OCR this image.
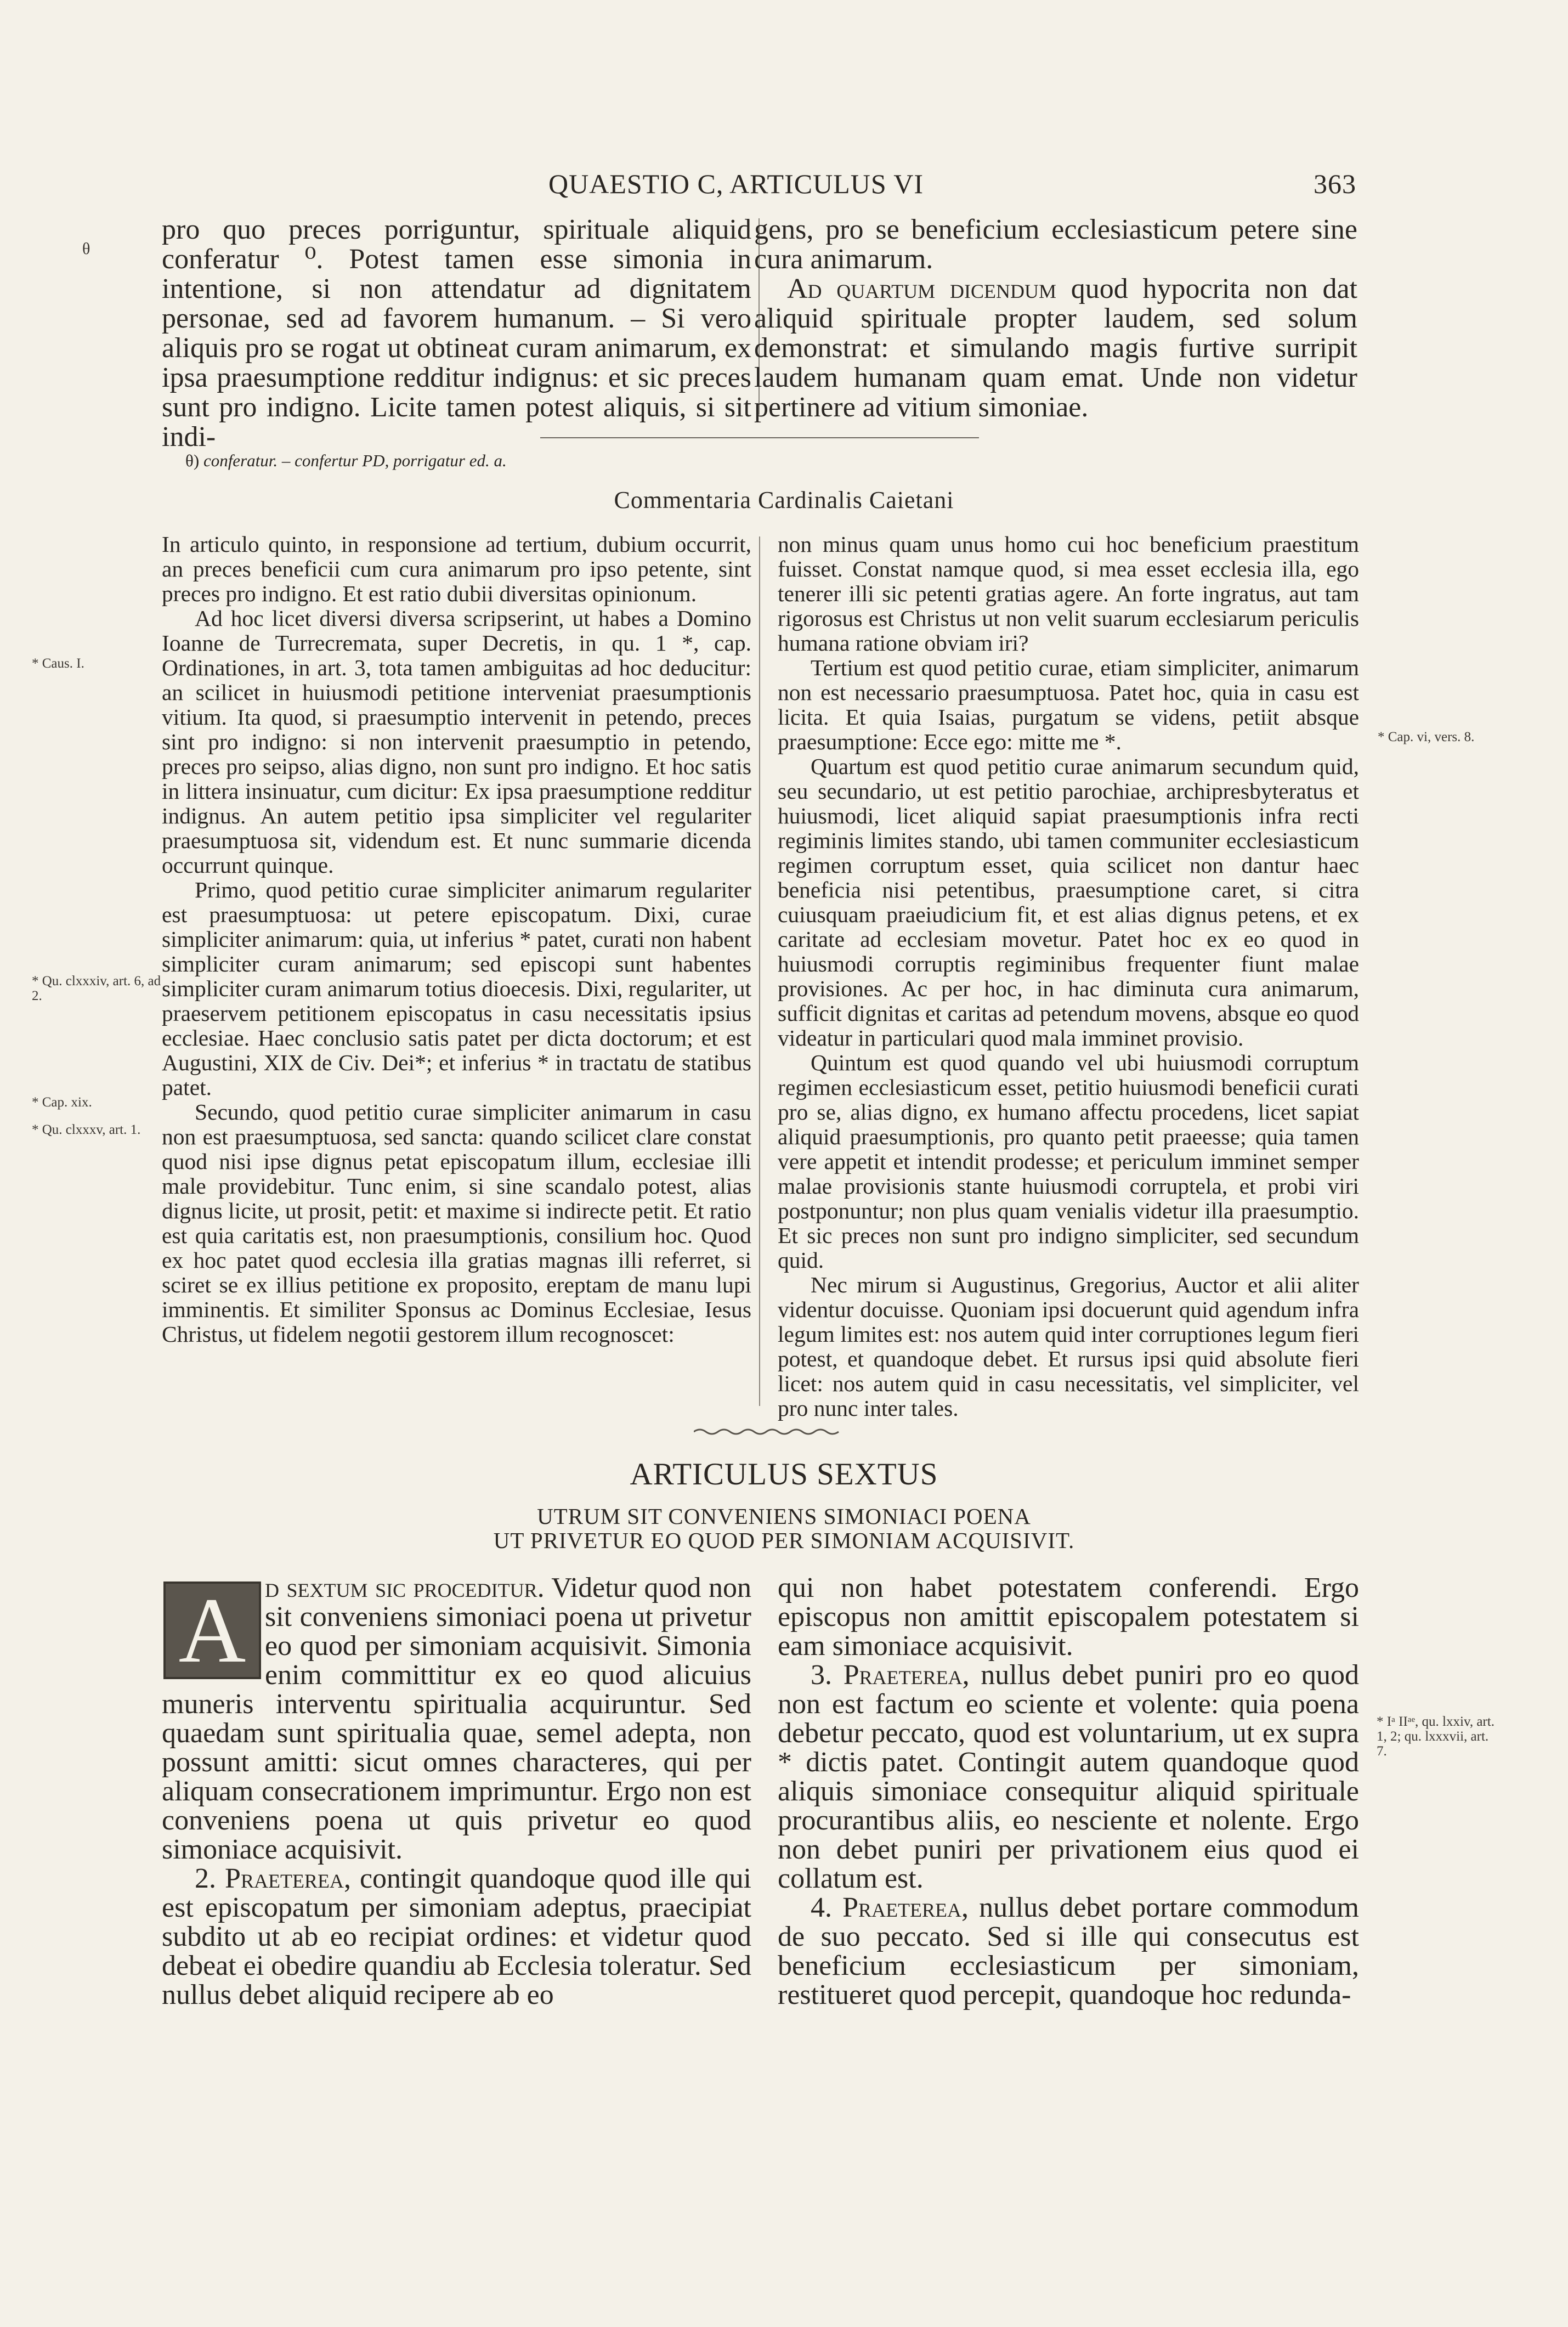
QUAESTIO C, ARTICULUS VI	363
θ
* Caus. I.
* Qu. clxxxiv, art. 6, ad 2.
* Cap. xix.
* Qu. clxxxv, art. 1.
* Cap. vi, vers. 8.
* Iᵃ IIᵃᵉ, qu. lxxiv, art. 1, 2; qu. lxxxvii, art. 7.

pro quo preces porriguntur, spirituale aliquid conferatur ⁰. Potest tamen esse simonia in intentione, si non attendatur ad dignitatem personae, sed ad favorem humanum. – Si vero aliquis pro se rogat ut obtineat curam animarum, ex ipsa praesumptione redditur indignus: et sic preces sunt pro indigno. Licite tamen potest aliquis, si sit indi-

gens, pro se beneficium ecclesiasticum petere sine cura animarum.

Ad quartum dicendum quod hypocrita non dat aliquid spirituale propter laudem, sed solum demonstrat: et simulando magis furtive surripit laudem humanam quam emat. Unde non videtur pertinere ad vitium simoniae.

θ) conferatur. – confertur PD, porrigatur ed. a.
Commentaria Cardinalis Caietani

In articulo quinto, in responsione ad tertium, dubium occurrit, an preces beneficii cum cura animarum pro ipso petente, sint preces pro indigno. Et est ratio dubii diversitas opinionum.

Ad hoc licet diversi diversa scripserint, ut habes a Domino Ioanne de Turrecremata, super Decretis, in qu. 1 *, cap. Ordinationes, in art. 3, tota tamen ambiguitas ad hoc deducitur: an scilicet in huiusmodi petitione interveniat praesumptionis vitium. Ita quod, si praesumptio intervenit in petendo, preces sint pro indigno: si non intervenit praesumptio in petendo, preces pro seipso, alias digno, non sunt pro indigno. Et hoc satis in littera insinuatur, cum dicitur: Ex ipsa praesumptione redditur indignus. An autem petitio ipsa simpliciter vel regulariter praesumptuosa sit, videndum est. Et nunc summarie dicenda occurrunt quinque.

Primo, quod petitio curae simpliciter animarum regulariter est praesumptuosa: ut petere episcopatum. Dixi, curae simpliciter animarum: quia, ut inferius * patet, curati non habent simpliciter curam animarum; sed episcopi sunt habentes simpliciter curam animarum totius dioecesis. Dixi, regulariter, ut praeservem petitionem episcopatus in casu necessitatis ipsius ecclesiae. Haec conclusio satis patet per dicta doctorum; et est Augustini, XIX de Civ. Dei*; et inferius * in tractatu de statibus patet.

Secundo, quod petitio curae simpliciter animarum in casu non est praesumptuosa, sed sancta: quando scilicet clare constat quod nisi ipse dignus petat episcopatum illum, ecclesiae illi male providebitur. Tunc enim, si sine scandalo potest, alias dignus licite, ut prosit, petit: et maxime si indirecte petit. Et ratio est quia caritatis est, non praesumptionis, consilium hoc. Quod ex hoc patet quod ecclesia illa gratias magnas illi referret, si sciret se ex illius petitione ex proposito, ereptam de manu lupi imminentis. Et similiter Sponsus ac Dominus Ecclesiae, Iesus Christus, ut fidelem negotii gestorem illum recognoscet:

non minus quam unus homo cui hoc beneficium praestitum fuisset. Constat namque quod, si mea esset ecclesia illa, ego tenerer illi sic petenti gratias agere. An forte ingratus, aut tam rigorosus est Christus ut non velit suarum ecclesiarum periculis humana ratione obviam iri?

Tertium est quod petitio curae, etiam simpliciter, animarum non est necessario praesumptuosa. Patet hoc, quia in casu est licita. Et quia Isaias, purgatum se videns, petiit absque praesumptione: Ecce ego: mitte me *.

Quartum est quod petitio curae animarum secundum quid, seu secundario, ut est petitio parochiae, archipresbyteratus et huiusmodi, licet aliquid sapiat praesumptionis infra recti regiminis limites stando, ubi tamen communiter ecclesiasticum regimen corruptum esset, quia scilicet non dantur haec beneficia nisi petentibus, praesumptione caret, si citra cuiusquam praeiudicium fit, et est alias dignus petens, et ex caritate ad ecclesiam movetur. Patet hoc ex eo quod in huiusmodi corruptis regiminibus frequenter fiunt malae provisiones. Ac per hoc, in hac diminuta cura animarum, sufficit dignitas et caritas ad petendum movens, absque eo quod videatur in particulari quod mala imminet provisio.

Quintum est quod quando vel ubi huiusmodi corruptum regimen ecclesiasticum esset, petitio huiusmodi beneficii curati pro se, alias digno, ex humano affectu procedens, licet sapiat aliquid praesumptionis, pro quanto petit praeesse; quia tamen vere appetit et intendit prodesse; et periculum imminet semper malae provisionis stante huiusmodi corruptela, et probi viri postponuntur; non plus quam venialis videtur illa praesumptio. Et sic preces non sunt pro indigno simpliciter, sed secundum quid.

Nec mirum si Augustinus, Gregorius, Auctor et alii aliter videntur docuisse. Quoniam ipsi docuerunt quid agendum infra legum limites est: nos autem quid inter corruptiones legum fieri potest, et quandoque debet. Et rursus ipsi quid absolute fieri licet: nos autem quid in casu necessitatis, vel simpliciter, vel pro nunc inter tales.

ARTICULUS SEXTUS
UTRUM SIT CONVENIENS SIMONIACI POENA
UT PRIVETUR EO QUOD PER SIMONIAM ACQUISIVIT.
A d sextum sic proceditur. Videtur quod non sit conveniens simoniaci poena ut privetur eo quod per simoniam acquisivit. Simonia enim committitur ex eo quod alicuius muneris interventu spiritualia acquiruntur. Sed quaedam sunt spiritualia quae, semel adepta, non possunt amitti: sicut omnes characteres, qui per aliquam consecrationem imprimuntur. Ergo non est conveniens poena ut quis privetur eo quod simoniace acquisivit.

2. Praeterea, contingit quandoque quod ille qui est episcopatum per simoniam adeptus, praecipiat subdito ut ab eo recipiat ordines: et videtur quod debeat ei obedire quandiu ab Ecclesia toleratur. Sed nullus debet aliquid recipere ab eo

qui non habet potestatem conferendi. Ergo episcopus non amittit episcopalem potestatem si eam simoniace acquisivit.

3. Praeterea, nullus debet puniri pro eo quod non est factum eo sciente et volente: quia poena debetur peccato, quod est voluntarium, ut ex supra * dictis patet. Contingit autem quandoque quod aliquis simoniace consequitur aliquid spirituale procurantibus aliis, eo nesciente et nolente. Ergo non debet puniri per privationem eius quod ei collatum est.

4. Praeterea, nullus debet portare commodum de suo peccato. Sed si ille qui consecutus est beneficium ecclesiasticum per simoniam, restitueret quod percepit, quandoque hoc redunda-
